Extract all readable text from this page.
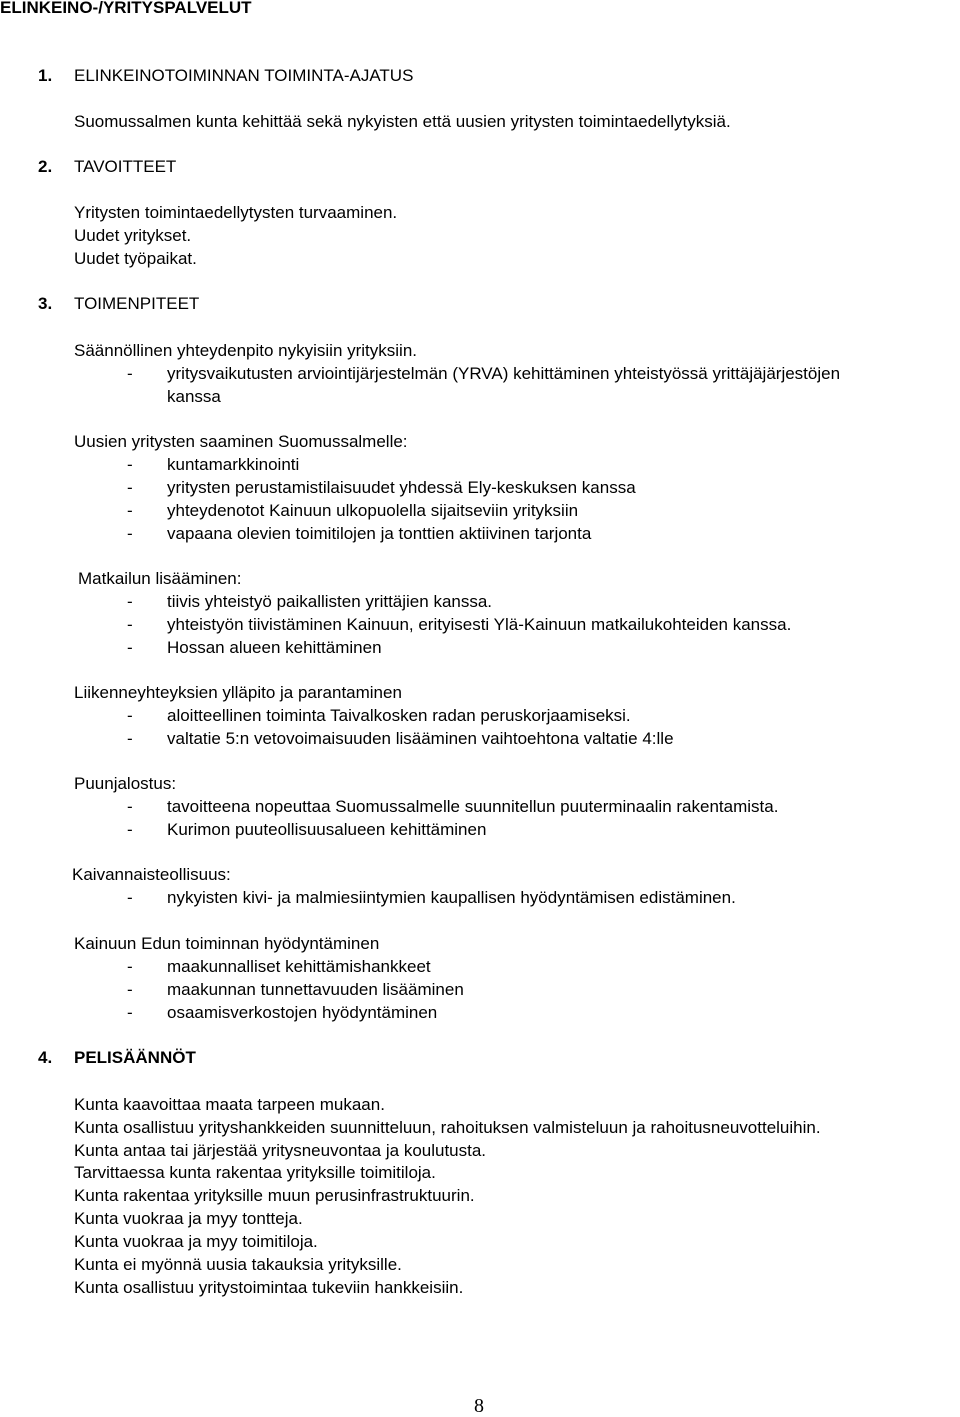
ELINKEINO-/YRITYSPALVELUT
1. ELINKEINOTOIMINNAN TOIMINTA-AJATUS
Suomussalmen kunta kehittää sekä nykyisten että uusien yritysten toimintaedellytyksiä.
2. TAVOITTEET
Yritysten toimintaedellytysten turvaaminen.
Uudet yritykset.
Uudet työpaikat.
3. TOIMENPITEET
Säännöllinen yhteydenpito nykyisiin yrityksiin.
- yritysvaikutusten arviointijärjestelmän (YRVA) kehittäminen yhteistyössä yrittäjäjärjestöjen
kanssa
Uusien yritysten saaminen Suomussalmelle:
- kuntamarkkinointi
- yritysten perustamistilaisuudet yhdessä Ely-keskuksen kanssa
- yhteydenotot Kainuun ulkopuolella sijaitseviin yrityksiin
- vapaana olevien toimitilojen ja tonttien aktiivinen tarjonta
Matkailun lisääminen:
- tiivis yhteistyö paikallisten yrittäjien kanssa.
- yhteistyön tiivistäminen Kainuun, erityisesti Ylä-Kainuun matkailukohteiden kanssa.
- Hossan alueen kehittäminen
Liikenneyhteyksien ylläpito ja parantaminen
- aloitteellinen toiminta Taivalkosken radan peruskorjaamiseksi.
- valtatie 5:n vetovoimaisuuden lisääminen vaihtoehtona valtatie 4:lle
Puunjalostus:
- tavoitteena nopeuttaa Suomussalmelle suunnitellun puuterminaalin rakentamista.
- Kurimon puuteollisuusalueen kehittäminen
Kaivannaisteollisuus:
- nykyisten kivi- ja malmiesiintymien kaupallisen hyödyntämisen edistäminen.
Kainuun Edun toiminnan hyödyntäminen
- maakunnalliset kehittämishankkeet
- maakunnan tunnettavuuden lisääminen
- osaamisverkostojen hyödyntäminen
4. PELISÄÄNNÖT
Kunta kaavoittaa maata tarpeen mukaan.
Kunta osallistuu yrityshankkeiden suunnitteluun, rahoituksen valmisteluun ja rahoitusneuvotteluihin.
Kunta antaa tai järjestää yritysneuvontaa ja koulutusta.
Tarvittaessa kunta rakentaa yrityksille toimitiloja.
Kunta rakentaa yrityksille muun perusinfrastruktuurin.
Kunta vuokraa ja myy tontteja.
Kunta vuokraa ja myy toimitiloja.
Kunta ei myönnä uusia takauksia yrityksille.
Kunta osallistuu yritystoimintaa tukeviin hankkeisiin.
8
